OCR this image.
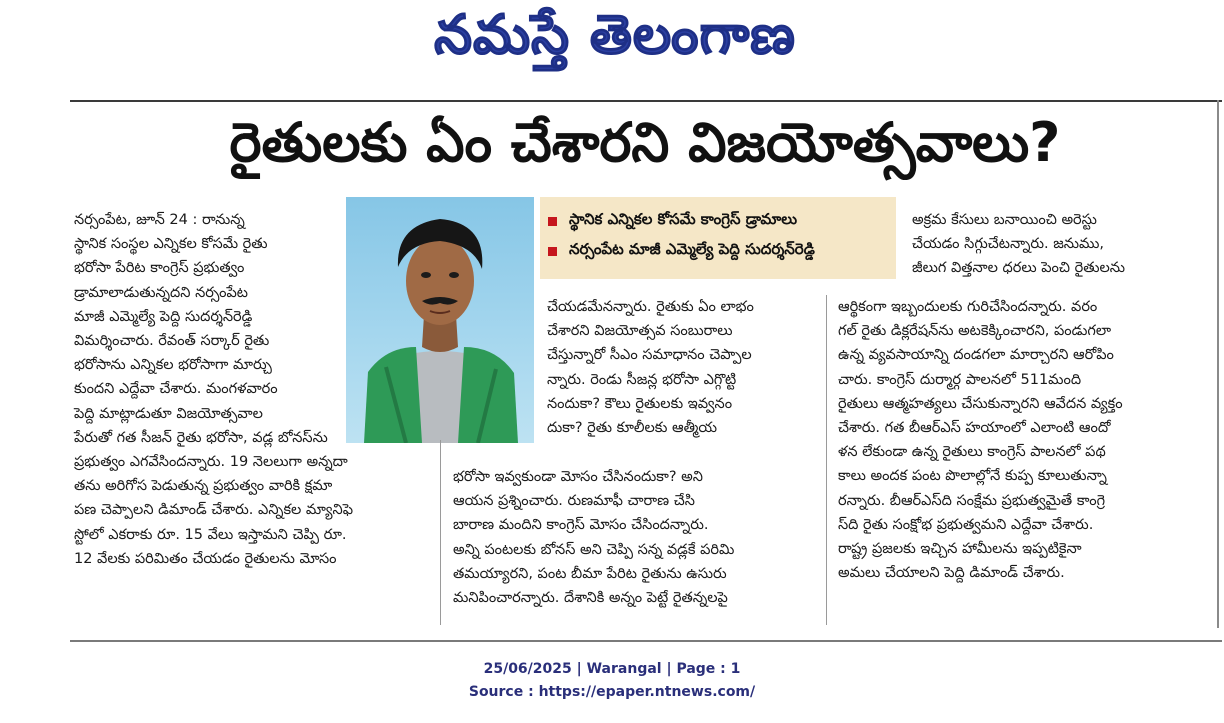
నమస్తే తెలంగాణ
రైతులకు ఏం చేశారని విజయోత్సవాలు?
నర్సంపేట, జూన్ 24 : రానున్న
స్థానిక సంస్థల ఎన్నికల కోసమే రైతు
భరోసా పేరిట కాంగ్రెస్ ప్రభుత్వం
డ్రామాలాడుతున్నదని నర్సంపేట
మాజీ ఎమ్మెల్యే పెద్ది సుదర్శన్‌రెడ్డి
విమర్శించారు. రేవంత్ సర్కార్ రైతు
భరోసాను ఎన్నికల భరోసాగా మార్చు
కుందని ఎద్దేవా చేశారు. మంగళవారం
పెద్ది మాట్లాడుతూ విజయోత్సవాల
పేరుతో గత సీజన్ రైతు భరోసా, వడ్ల బోనస్‌ను
ప్రభుత్వం ఎగవేసిందన్నారు. 19 నెలలుగా అన్నదా
తను అరిగోస పెడుతున్న ప్రభుత్వం వారికి క్షమా
పణ చెప్పాలని డిమాండ్ చేశారు. ఎన్నికల మ్యానిఫె
స్టోలో ఎకరాకు రూ. 15 వేలు ఇస్తామని చెప్పి రూ.
12 వేలకు పరిమితం చేయడం రైతులను మోసం
స్థానిక ఎన్నికల కోసమే కాంగ్రెస్ డ్రామాలు
నర్సంపేట మాజీ ఎమ్మెల్యే పెద్ది సుదర్శన్‌రెడ్డి
చేయడమేనన్నారు. రైతుకు ఏం లాభం
చేశారని విజయోత్సవ సంబురాలు
చేస్తున్నారో సీఎం సమాధానం చెప్పాల
న్నారు. రెండు సీజన్ల భరోసా ఎగ్గొట్టి
నందుకా? కౌలు రైతులకు ఇవ్వనం
దుకా? రైతు కూలీలకు ఆత్మీయ
భరోసా ఇవ్వకుండా మోసం చేసినందుకా? అని
ఆయన ప్రశ్నించారు. రుణమాఫీ చారాణ చేసి
బారాణ మందిని కాంగ్రెస్ మోసం చేసిందన్నారు.
అన్ని పంటలకు బోనస్ అని చెప్పి సన్న వడ్లకే పరిమి
తమయ్యారని, పంట బీమా పేరిట రైతును ఉసురు
మనిపించారన్నారు. దేశానికి అన్నం పెట్టే రైతన్నలపై
అక్రమ కేసులు బనాయించి అరెస్టు
చేయడం సిగ్గుచేటన్నారు. జనుము,
జీలుగ విత్తనాల ధరలు పెంచి రైతులను
ఆర్థికంగా ఇబ్బందులకు గురిచేసిందన్నారు. వరం
గల్ రైతు డిక్లరేషన్‌ను అటకెక్కించారని, పండుగలా
ఉన్న వ్యవసాయాన్ని దండగలా మార్చారని ఆరోపిం
చారు. కాంగ్రెస్ దుర్మార్గ పాలనలో 511మంది
రైతులు ఆత్మహత్యలు చేసుకున్నారని ఆవేదన వ్యక్తం
చేశారు. గత బీఆర్‌ఎస్ హయాంలో ఎలాంటి ఆందో
ళన లేకుండా ఉన్న రైతులు కాంగ్రెస్ పాలనలో పథ
కాలు అందక పంట పొలాల్లోనే కుప్ప కూలుతున్నా
రన్నారు. బీఆర్‌ఎస్‌ది సంక్షేమ ప్రభుత్వమైతే కాంగ్రె
స్‌ది రైతు సంక్షోభ ప్రభుత్వమని ఎద్దేవా చేశారు.
రాష్ట్ర ప్రజలకు ఇచ్చిన హామీలను ఇప్పటికైనా
అమలు చేయాలని పెద్ది డిమాండ్ చేశారు.
25/06/2025 | Warangal | Page : 1
Source : https://epaper.ntnews.com/
